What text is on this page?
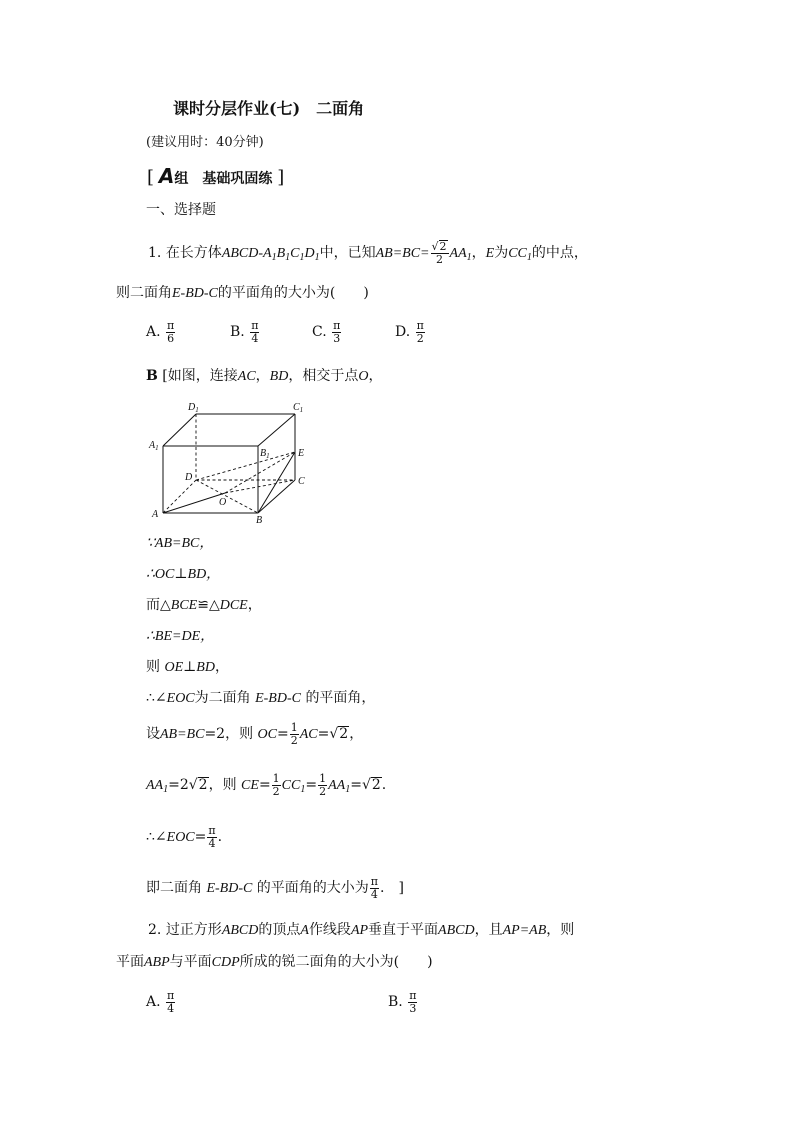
课时分层作业(七)　二面角
(建议用时：40分钟)
[ A组　基础巩固练 ]
一、选择题
1. 在长方体ABCD-$A_1B_1C_1D_1$中，已知$AB=BC= \frac{√2}{2} AA_1$，E为$CC_1$的中点，
则二面角E-BD-C的平面角的大小为(　　)
A. $\frac{\pi}{6}$	B. $\frac{\pi}{4}$	C. $\frac{\pi}{3}$	D. $\frac{\pi}{2}$
B [如图，连接AC，BD，相交于点O，
$D_1$	$C_1$
$A_1$	$B_1$	E
D	C
O
A
B
∵AB=BC，
∴OC⊥BD，
而△BCE≌△DCE，
∴BE=DE，
则 OE⊥BD，
∴∠EOC为二面角 E-BD-C 的平面角，
设AB=BC=2，则 $OC= \frac{1}{2} AC=√2$，
$AA_1=2√2$，则 $CE= \frac{1}{2} CC_1= \frac{1}{2} AA_1=√2$.
∴∠EOC= $\frac{\pi}{4}$ .
即二面角 E-BD-C 的平面角的大小为 $\frac{\pi}{4}$ .　]
2. 过正方形ABCD的顶点A作线段AP垂直于平面ABCD，且AP=AB，则
平面ABP与平面CDP所成的锐二面角的大小为(　　)
A. $\frac{\pi}{4}$	B. $\frac{\pi}{3}$
